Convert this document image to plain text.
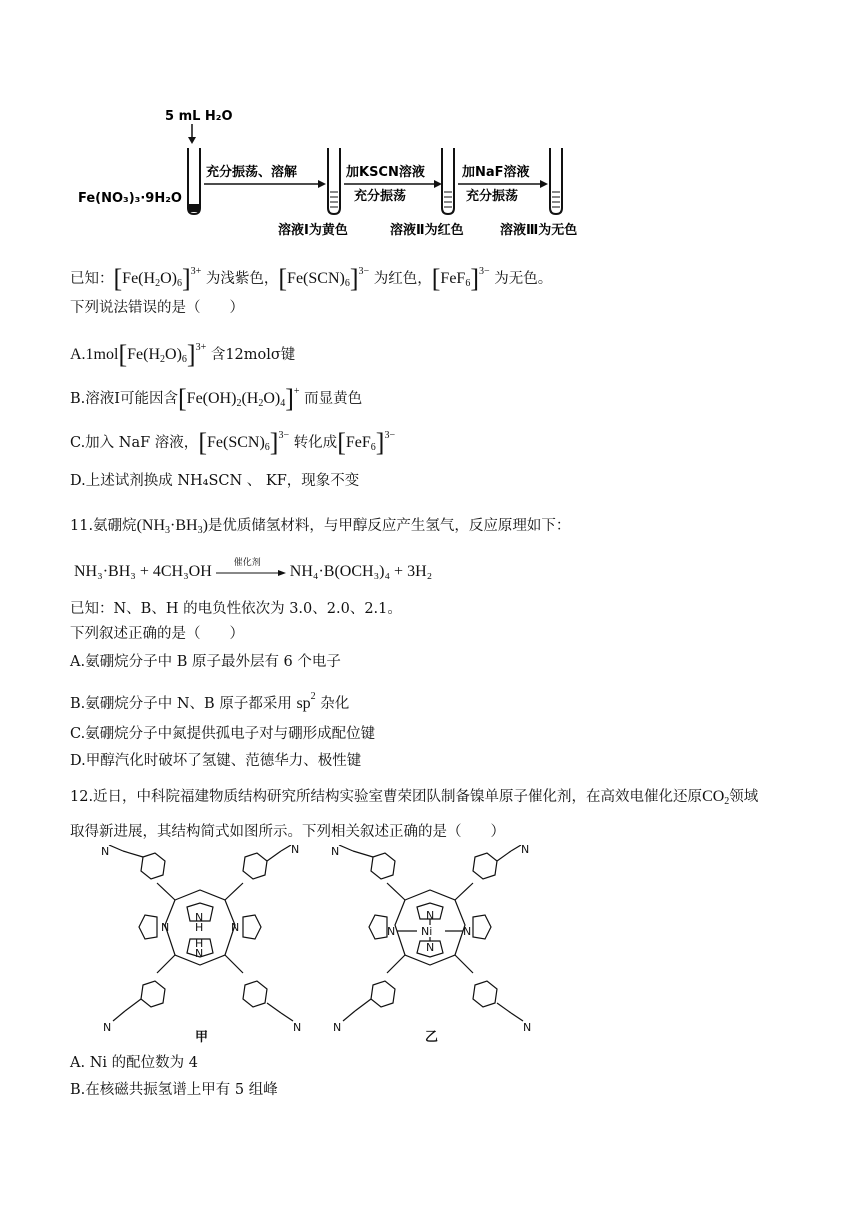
5 mL H₂O
Fe(NO₃)₃·9H₂O
充分振荡、溶解	加KSCN溶液
充分振荡
加NaF溶液
充分振荡
溶液Ⅰ为黄色	溶液Ⅱ为红色	溶液Ⅲ为无色
已知：$[Fe(H_2O)_6]^{3+}$ 为浅紫色，$[Fe(SCN)_6]^{3-}$ 为红色，$[FeF_6]^{3-}$ 为无色。
下列说法错误的是（　　）
$A.1mol[Fe(H_2O)_6]^{3+}$ 含12molσ键
B.溶液Ⅰ可能因含$[Fe(OH)_2(H_2O)_4]^+$ 而显黄色
C.加入 NaF 溶液，$[Fe(SCN)_6]^{3-}$ 转化成$[FeF_6]^{3-}$
D.上述试剂换成 NH₄SCN 、 KF，现象不变
11.氨硼烷$(NH_3\cdot BH_3)$是优质储氢材料，与甲醇反应产生氢气，反应原理如下：
NH₃·BH₃ + 4CH₃OH
催化剂
NH₄·B(OCH₃)₄ + 3H₂
已知：N、B、H 的电负性依次为 3.0、2.0、2.1。
下列叙述正确的是（　　）
A.氨硼烷分子中 B 原子最外层有 6 个电子
B.氨硼烷分子中 N、B 原子都采用 $sp^2$ 杂化
C.氨硼烷分子中氮提供孤电子对与硼形成配位键
D.甲醇汽化时破坏了氢键、范德华力、极性键
12.近日，中科院福建物质结构研究所结构实验室曹荣团队制备镍单原子催化剂，在高效电催化还原$CO_2$领域
取得新进展，其结构简式如图所示。下列相关叙述正确的是（　　）
N
H
H
N
N	N
N	N
N	N
甲
N
Ni
N
N	N
N	N
N	N
乙
A. Ni 的配位数为 4
B.在核磁共振氢谱上甲有 5 组峰
